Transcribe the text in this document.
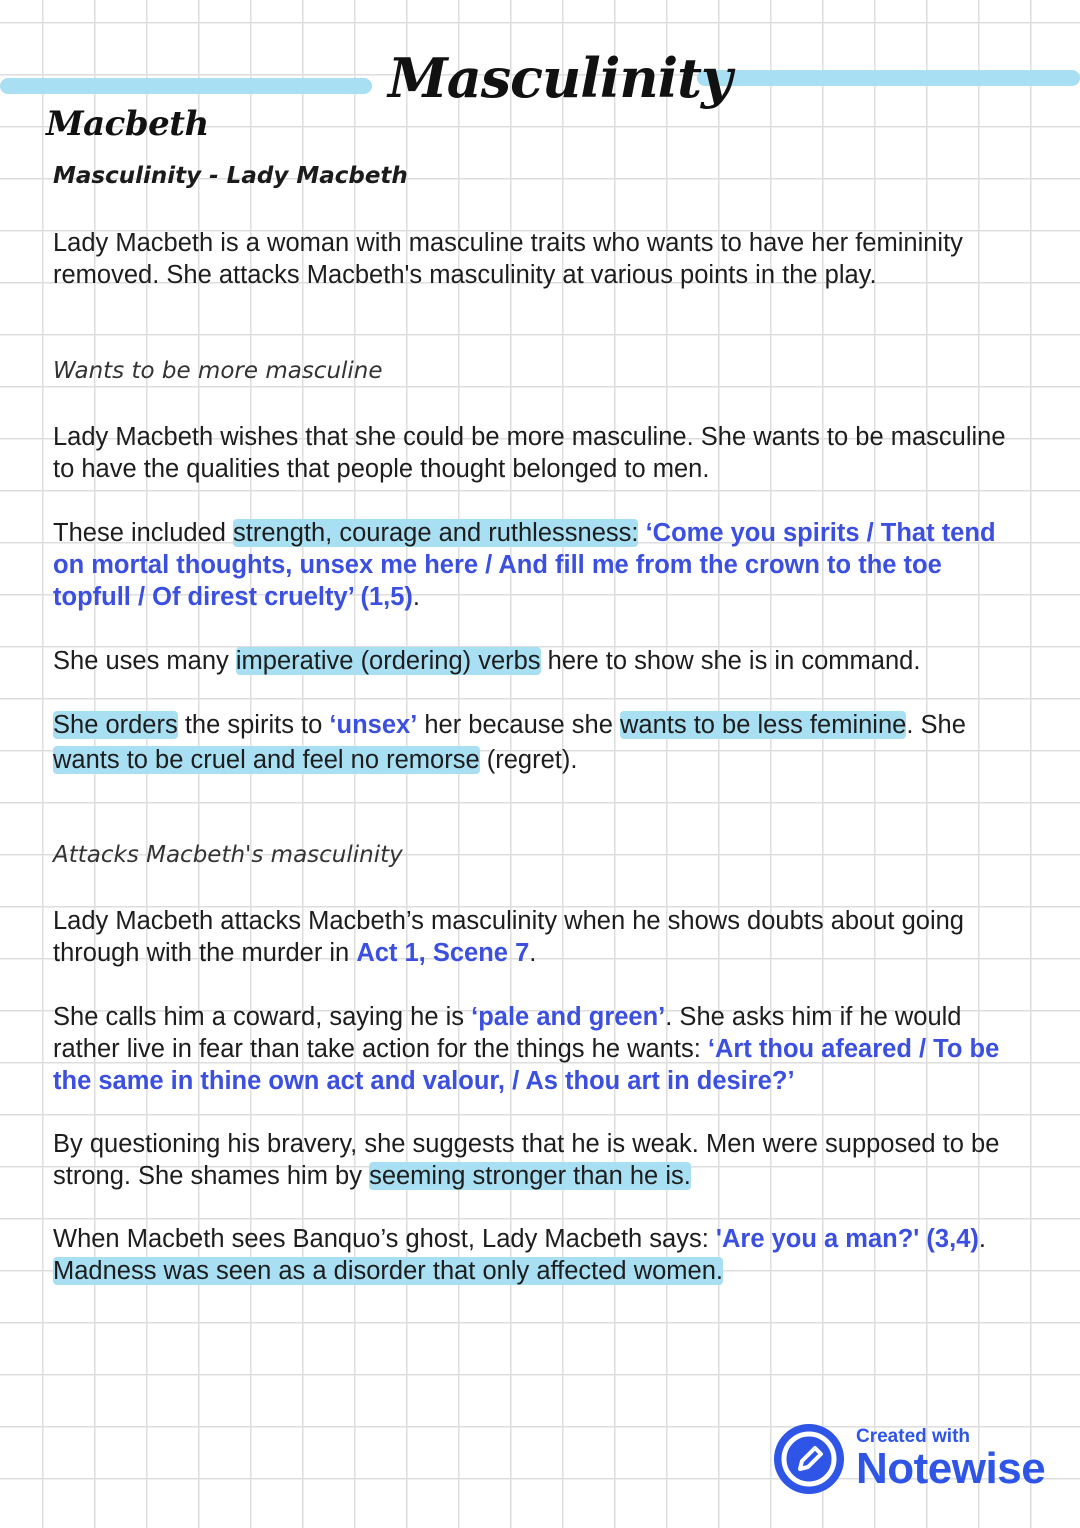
Masculinity
Macbeth
Masculinity - Lady Macbeth
Lady Macbeth is a woman with masculine traits who wants to have her femininity removed. She attacks Macbeth's masculinity at various points in the play.
Wants to be more masculine
Lady Macbeth wishes that she could be more masculine. She wants to be masculine to have the qualities that people thought belonged to men.
These included strength, courage and ruthlessness: ‘Come you spirits / That tend on mortal thoughts, unsex me here / And fill me from the crown to the toe topfull / Of direst cruelty’ (1,5).
She uses many imperative (ordering) verbs here to show she is in command.
She orders the spirits to ‘unsex’ her because she wants to be less feminine. She wants to be cruel and feel no remorse (regret).
Attacks Macbeth's masculinity
Lady Macbeth attacks Macbeth’s masculinity when he shows doubts about going through with the murder in Act 1, Scene 7.
She calls him a coward, saying he is ‘pale and green’. She asks him if he would rather live in fear than take action for the things he wants: ‘Art thou afeared / To be the same in thine own act and valour, / As thou art in desire?’
By questioning his bravery, she suggests that he is weak. Men were supposed to be strong. She shames him by seeming stronger than he is.
When Macbeth sees Banquo’s ghost, Lady Macbeth says: 'Are you a man?' (3,4). Madness was seen as a disorder that only affected women.
Created with
Notewise
